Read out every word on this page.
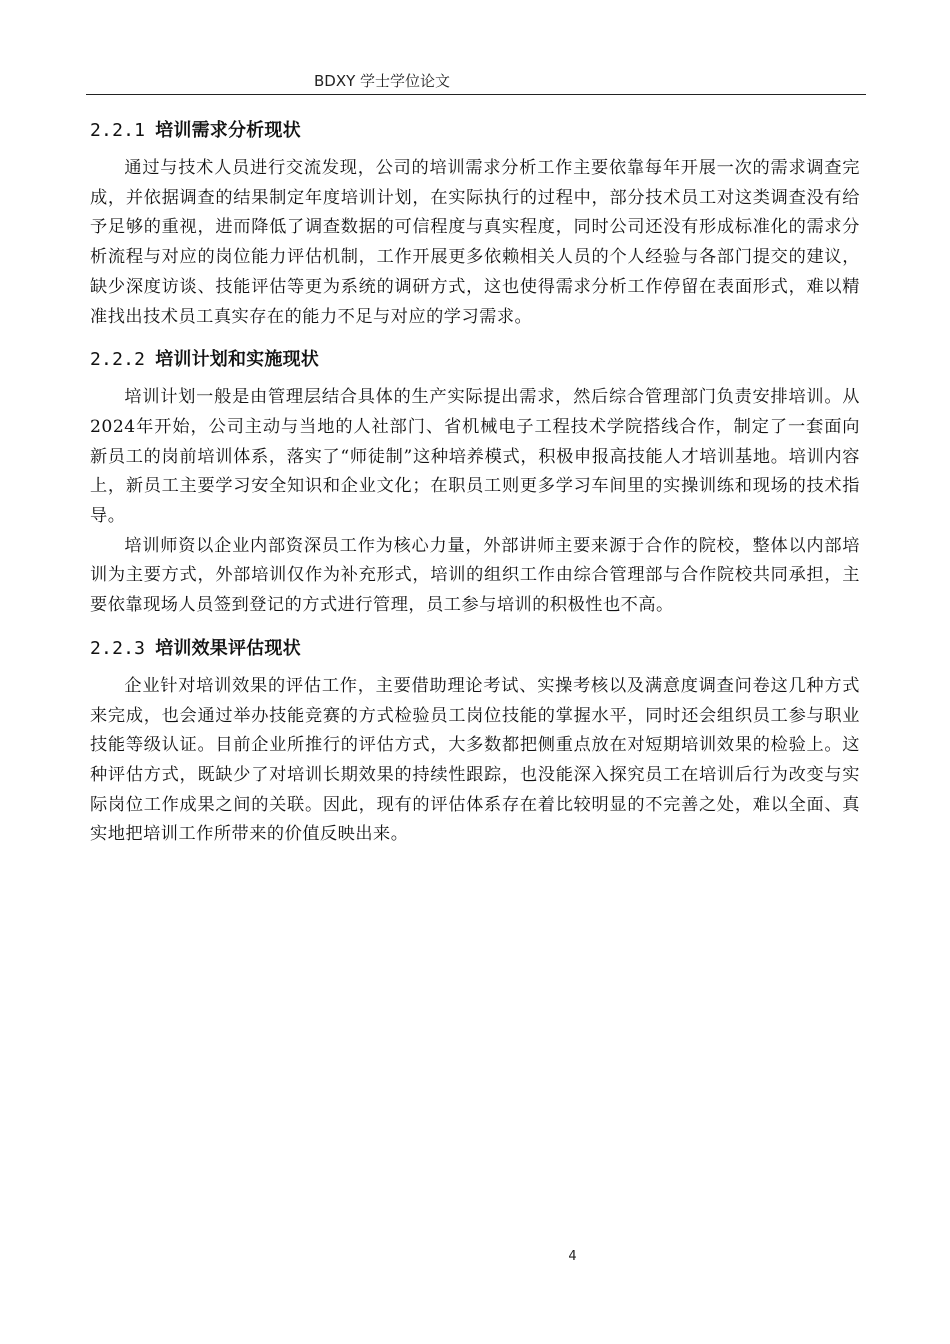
BDXY 学士学位论文
2.2.1 培训需求分析现状

通过与技术人员进行交流发现，公司的培训需求分析工作主要依靠每年开展一次的需求调查完成，并依据调查的结果制定年度培训计划，在实际执行的过程中，部分技术员工对这类调查没有给予足够的重视，进而降低了调查数据的可信程度与真实程度，同时公司还没有形成标准化的需求分析流程与对应的岗位能力评估机制，工作开展更多依赖相关人员的个人经验与各部门提交的建议，缺少深度访谈、技能评估等更为系统的调研方式，这也使得需求分析工作停留在表面形式，难以精准找出技术员工真实存在的能力不足与对应的学习需求。

2.2.2 培训计划和实施现状

培训计划一般是由管理层结合具体的生产实际提出需求，然后综合管理部门负责安排培训。从2024年开始，公司主动与当地的人社部门、省机械电子工程技术学院搭线合作，制定了一套面向新员工的岗前培训体系，落实了“师徒制”这种培养模式，积极申报高技能人才培训基地。培训内容上，新员工主要学习安全知识和企业文化；在职员工则更多学习车间里的实操训练和现场的技术指导。

培训师资以企业内部资深员工作为核心力量，外部讲师主要来源于合作的院校，整体以内部培训为主要方式，外部培训仅作为补充形式，培训的组织工作由综合管理部与合作院校共同承担，主要依靠现场人员签到登记的方式进行管理，员工参与培训的积极性也不高。

2.2.3 培训效果评估现状

企业针对培训效果的评估工作，主要借助理论考试、实操考核以及满意度调查问卷这几种方式来完成，也会通过举办技能竞赛的方式检验员工岗位技能的掌握水平，同时还会组织员工参与职业技能等级认证。目前企业所推行的评估方式，大多数都把侧重点放在对短期培训效果的检验上。这种评估方式，既缺少了对培训长期效果的持续性跟踪，也没能深入探究员工在培训后行为改变与实际岗位工作成果之间的关联。因此，现有的评估体系存在着比较明显的不完善之处，难以全面、真实地把培训工作所带来的价值反映出来。

4
